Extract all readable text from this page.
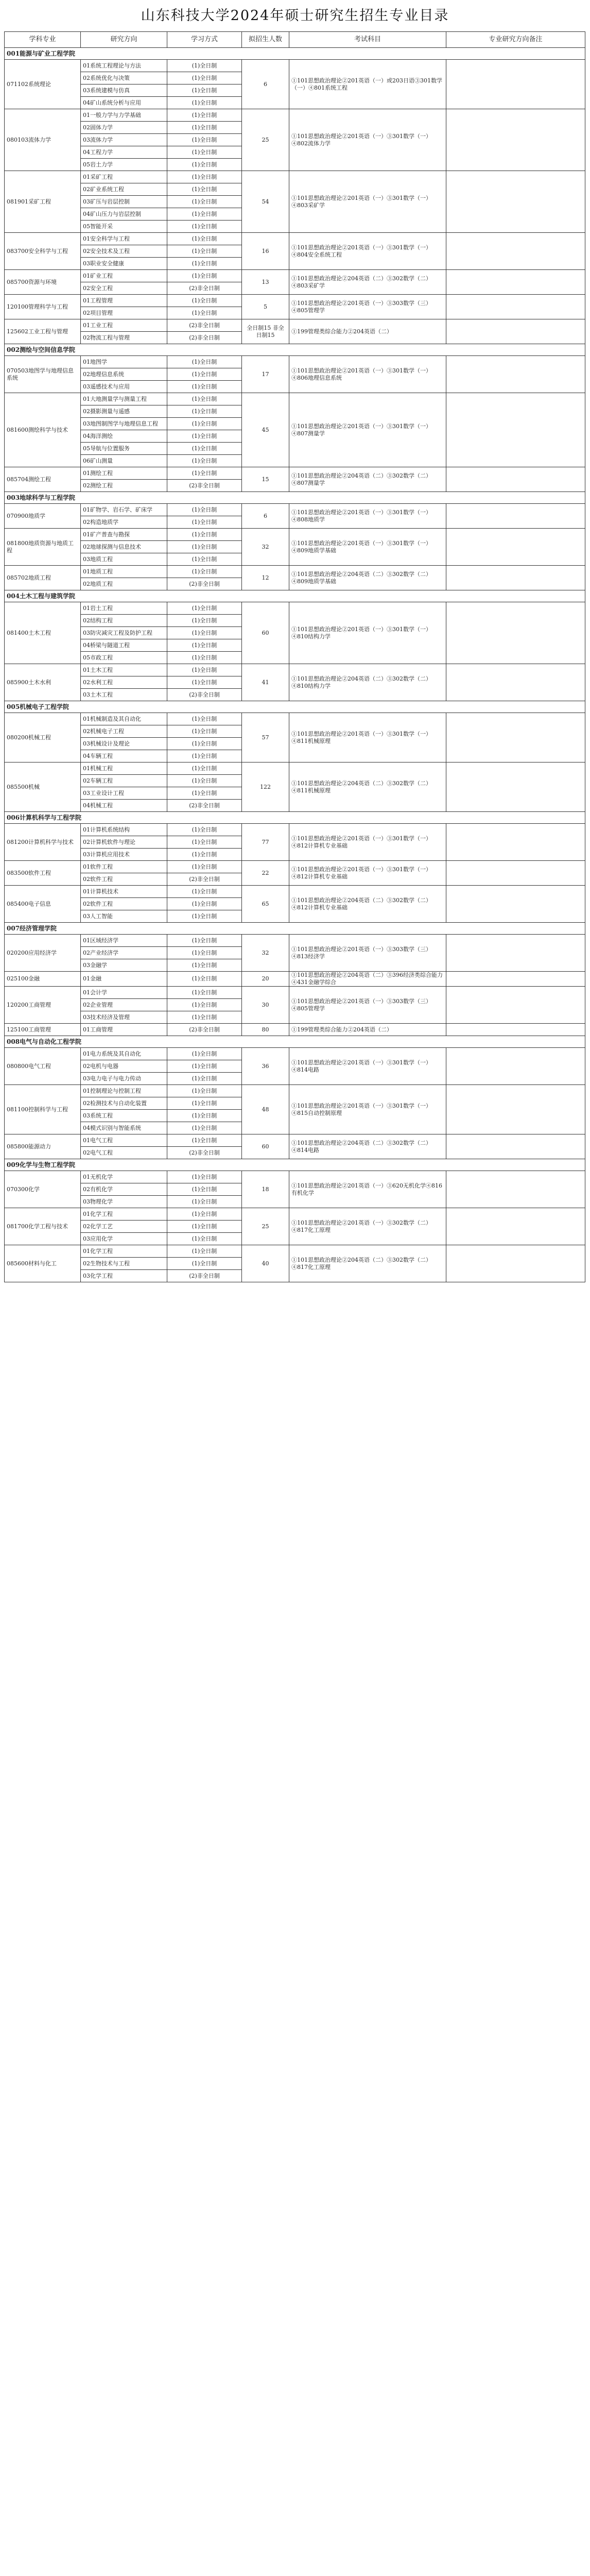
山东科技大学2024年硕士研究生招生专业目录
学科专业	研究方向	学习方式	拟招生人数	考试科目	专业研究方向备注
001能源与矿业工程学院					
071102系统理论	01系统工程理论与方法	(1)全日制	6	①101思想政治理论②201英语（一）或203日语③301数学（一）④801系统工程	
	02系统优化与决策	(1)全日制			
	03系统建模与仿真	(1)全日制			
	04矿山系统分析与应用	(1)全日制			
080103流体力学	01一般力学与力学基础	(1)全日制	25	①101思想政治理论②201英语（一）③301数学（一）④802流体力学	
	02固体力学	(1)全日制			
	03流体力学	(1)全日制			
	04工程力学	(1)全日制			
	05岩土力学	(1)全日制			
081901采矿工程	01采矿工程	(1)全日制	54	①101思想政治理论②201英语（一）③301数学（一）④803采矿学	
	02矿业系统工程	(1)全日制			
	03矿压与岩层控制	(1)全日制			
	04矿山压力与岩层控制	(1)全日制			
	05智能开采	(1)全日制			
083700安全科学与工程	01安全科学与工程	(1)全日制	16	①101思想政治理论②201英语（一）③301数学（一）④804安全系统工程	
	02安全技术及工程	(1)全日制			
	03职业安全健康	(1)全日制			
085700资源与环境	01矿业工程	(1)全日制	13	①101思想政治理论②204英语（二）③302数学（二）④803采矿学	
	02安全工程	(2)非全日制			
120100管理科学与工程	01工程管理	(1)全日制	5	①101思想政治理论②201英语（一）③303数学（三）④805管理学	
	02项目管理	(1)全日制			
125602工业工程与管理	01工业工程	(2)非全日制	全日制15 非全日制15	①199管理类综合能力②204英语（二）	
	02物流工程与管理	(2)非全日制			
002测绘与空间信息学院					
070503地图学与地理信息系统	01地图学	(1)全日制	17	①101思想政治理论②201英语（一）③301数学（一）④806地理信息系统	
	02地理信息系统	(1)全日制			
	03遥感技术与应用	(1)全日制			
081600测绘科学与技术	01大地测量学与测量工程	(1)全日制	45	①101思想政治理论②201英语（一）③301数学（一）④807测量学	
	02摄影测量与遥感	(1)全日制			
	03地图制图学与地理信息工程	(1)全日制			
	04海洋测绘	(1)全日制			
	05导航与位置服务	(1)全日制			
	06矿山测量	(1)全日制			
085704测绘工程	01测绘工程	(1)全日制	15	①101思想政治理论②204英语（二）③302数学（二）④807测量学	
	02测绘工程	(2)非全日制			
003地球科学与工程学院					
070900地质学	01矿物学、岩石学、矿床学	(1)全日制	6	①101思想政治理论②201英语（一）③301数学（一）④808地质学	
	02构造地质学	(1)全日制			
081800地质资源与地质工程	01矿产普查与勘探	(1)全日制	32	①101思想政治理论②201英语（一）③301数学（一）④809地质学基础	
	02地球探测与信息技术	(1)全日制			
	03地质工程	(1)全日制			
085702地质工程	01地质工程	(1)全日制	12	①101思想政治理论②204英语（二）③302数学（二）④809地质学基础	
	02地质工程	(2)非全日制			
004土木工程与建筑学院					
081400土木工程	01岩土工程	(1)全日制	60	①101思想政治理论②201英语（一）③301数学（一）④810结构力学	
	02结构工程	(1)全日制			
	03防灾减灾工程及防护工程	(1)全日制			
	04桥梁与隧道工程	(1)全日制			
	05市政工程	(1)全日制			
085900土木水利	01土木工程	(1)全日制	41	①101思想政治理论②204英语（二）③302数学（二）④810结构力学	
	02水利工程	(1)全日制			
	03土木工程	(2)非全日制			
005机械电子工程学院					
080200机械工程	01机械制造及其自动化	(1)全日制	57	①101思想政治理论②201英语（一）③301数学（一）④811机械原理	
	02机械电子工程	(1)全日制			
	03机械设计及理论	(1)全日制			
	04车辆工程	(1)全日制			
085500机械	01机械工程	(1)全日制	122	①101思想政治理论②204英语（二）③302数学（二）④811机械原理	
	02车辆工程	(1)全日制			
	03工业设计工程	(1)全日制			
	04机械工程	(2)非全日制			
006计算机科学与工程学院					
081200计算机科学与技术	01计算机系统结构	(1)全日制	77	①101思想政治理论②201英语（一）③301数学（一）④812计算机专业基础	
	02计算机软件与理论	(1)全日制			
	03计算机应用技术	(1)全日制			
083500软件工程	01软件工程	(1)全日制	22	①101思想政治理论②201英语（一）③301数学（一）④812计算机专业基础	
	02软件工程	(2)非全日制			
085400电子信息	01计算机技术	(1)全日制	65	①101思想政治理论②204英语（二）③302数学（二）④812计算机专业基础	
	02软件工程	(1)全日制			
	03人工智能	(1)全日制			
007经济管理学院					
020200应用经济学	01区域经济学	(1)全日制	32	①101思想政治理论②201英语（一）③303数学（三）④813经济学	
	02产业经济学	(1)全日制			
	03金融学	(1)全日制			
025100金融	01金融	(1)全日制	20	①101思想政治理论②204英语（二）③396经济类综合能力④431金融学综合	
120200工商管理	01会计学	(1)全日制	30	①101思想政治理论②201英语（一）③303数学（三）④805管理学	
	02企业管理	(1)全日制			
	03技术经济及管理	(1)全日制			
125100工商管理	01工商管理	(2)非全日制	80	①199管理类综合能力②204英语（二）	
008电气与自动化工程学院					
080800电气工程	01电力系统及其自动化	(1)全日制	36	①101思想政治理论②201英语（一）③301数学（一）④814电路	
	02电机与电器	(1)全日制			
	03电力电子与电力传动	(1)全日制			
081100控制科学与工程	01控制理论与控制工程	(1)全日制	48	①101思想政治理论②201英语（一）③301数学（一）④815自动控制原理	
	02检测技术与自动化装置	(1)全日制			
	03系统工程	(1)全日制			
	04模式识别与智能系统	(1)全日制			
085800能源动力	01电气工程	(1)全日制	60	①101思想政治理论②204英语（二）③302数学（二）④814电路	
	02电气工程	(2)非全日制			
009化学与生物工程学院					
070300化学	01无机化学	(1)全日制	18	①101思想政治理论②201英语（一）③620无机化学④816有机化学	
	02有机化学	(1)全日制			
	03物理化学	(1)全日制			
081700化学工程与技术	01化学工程	(1)全日制	25	①101思想政治理论②201英语（一）③302数学（二）④817化工原理	
	02化学工艺	(1)全日制			
	03应用化学	(1)全日制			
085600材料与化工	01化学工程	(1)全日制	40	①101思想政治理论②204英语（二）③302数学（二）④817化工原理	
	02生物技术与工程	(1)全日制			
	03化学工程	(2)非全日制			
